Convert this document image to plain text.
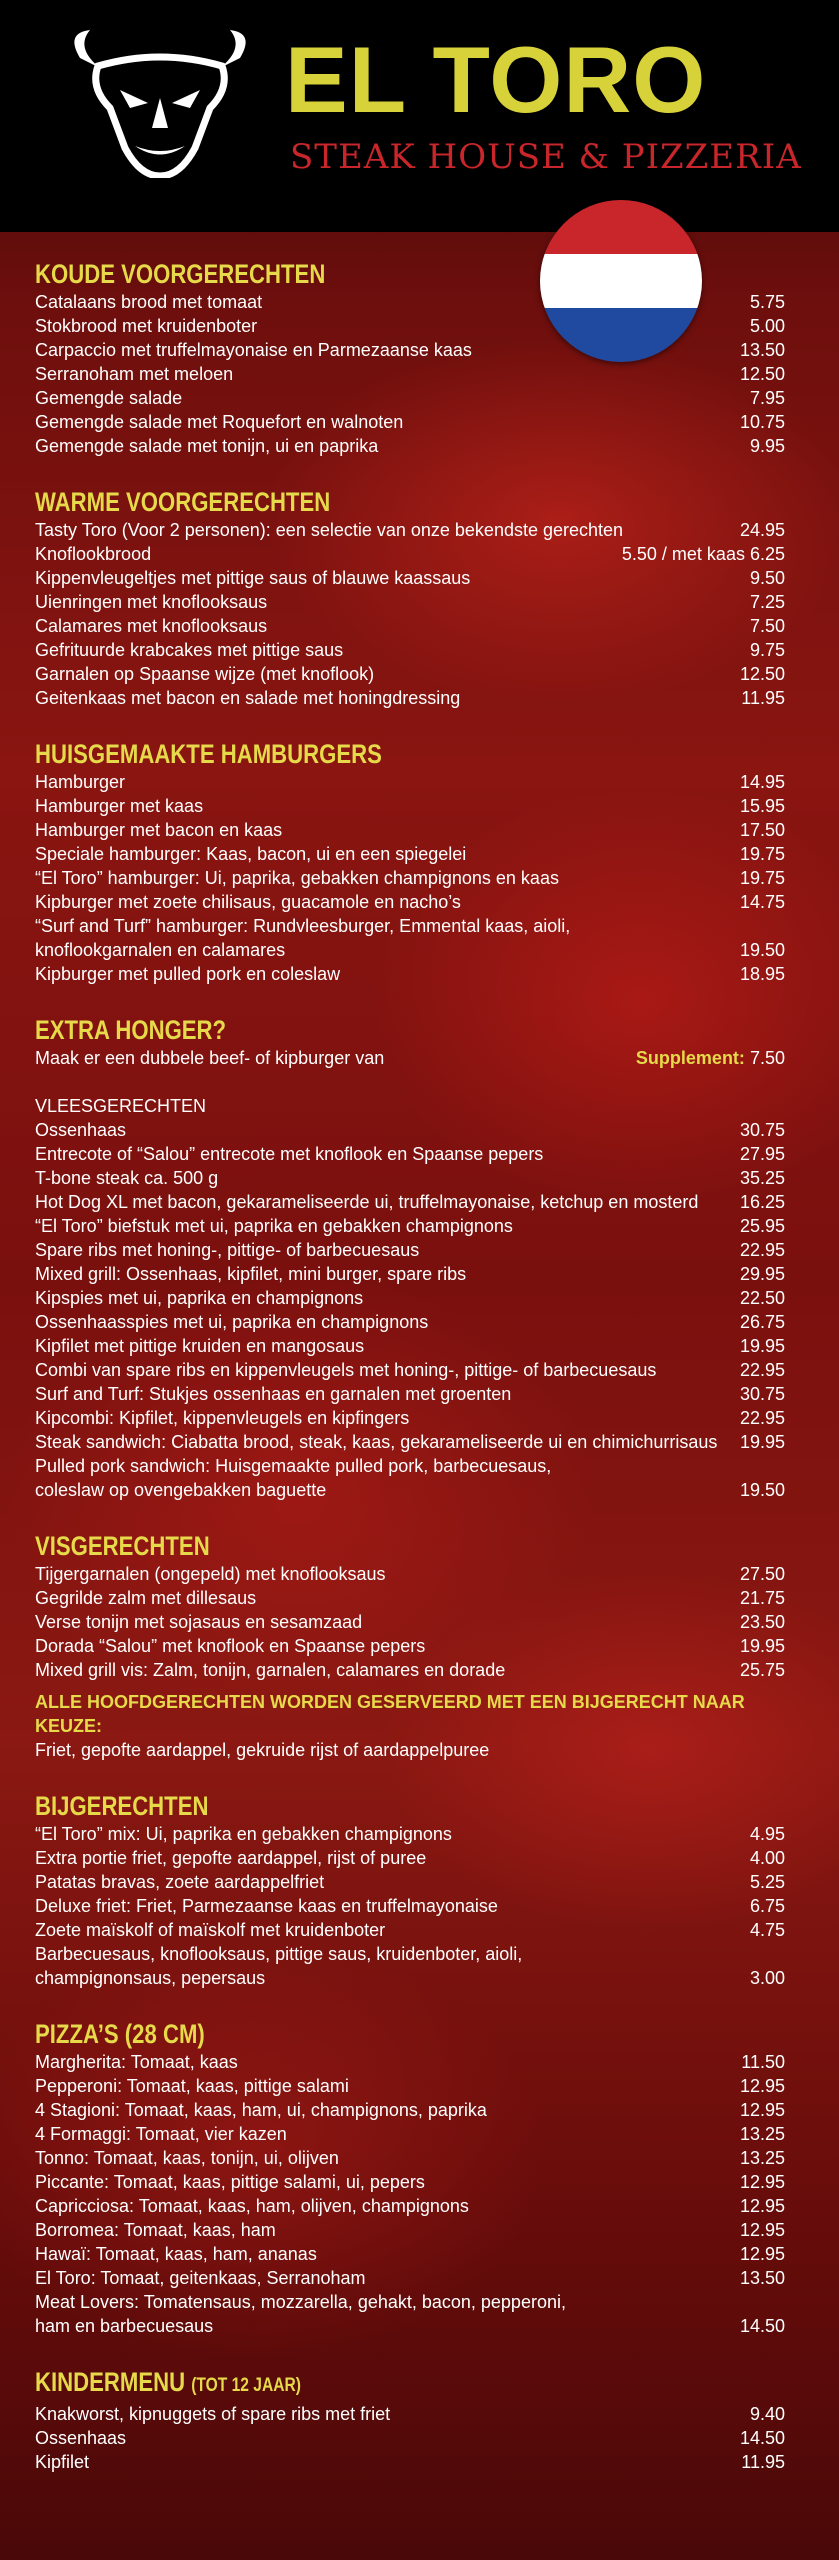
EL TORO
STEAK HOUSE & PIZZERIA
KOUDE VOORGERECHTEN
Catalaans brood met tomaat	5.75
Stokbrood met kruidenboter	5.00
Carpaccio met truffelmayonaise en Parmezaanse kaas	13.50
Serranoham met meloen	12.50
Gemengde salade	7.95
Gemengde salade met Roquefort en walnoten	10.75
Gemengde salade met tonijn, ui en paprika	9.95
WARME VOORGERECHTEN
Tasty Toro (Voor 2 personen): een selectie van onze bekendste gerechten	24.95
Knoflookbrood	5.50 / met kaas 6.25
Kippenvleugeltjes met pittige saus of blauwe kaassaus	9.50
Uienringen met knoflooksaus	7.25
Calamares met knoflooksaus	7.50
Gefrituurde krabcakes met pittige saus	9.75
Garnalen op Spaanse wijze (met knoflook)	12.50
Geitenkaas met bacon en salade met honingdressing	11.95
HUISGEMAAKTE HAMBURGERS
Hamburger	14.95
Hamburger met kaas	15.95
Hamburger met bacon en kaas	17.50
Speciale hamburger: Kaas, bacon, ui en een spiegelei	19.75
“El Toro” hamburger: Ui, paprika, gebakken champignons en kaas	19.75
Kipburger met zoete chilisaus, guacamole en nacho’s	14.75
“Surf and Turf” hamburger: Rundvleesburger, Emmental kaas, aioli,
knoflookgarnalen en calamares	19.50
Kipburger met pulled pork en coleslaw	18.95
EXTRA HONGER?
Maak er een dubbele beef- of kipburger van	Supplement: 7.50
VLEESGERECHTEN
Ossenhaas	30.75
Entrecote of “Salou” entrecote met knoflook en Spaanse pepers	27.95
T-bone steak ca. 500 g	35.25
Hot Dog XL met bacon, gekarameliseerde ui, truffelmayonaise, ketchup en mosterd	16.25
“El Toro” biefstuk met ui, paprika en gebakken champignons	25.95
Spare ribs met honing-, pittige- of barbecuesaus	22.95
Mixed grill: Ossenhaas, kipfilet, mini burger, spare ribs	29.95
Kipspies met ui, paprika en champignons	22.50
Ossenhaasspies met ui, paprika en champignons	26.75
Kipfilet met pittige kruiden en mangosaus	19.95
Combi van spare ribs en kippenvleugels met honing-, pittige- of barbecuesaus	22.95
Surf and Turf: Stukjes ossenhaas en garnalen met groenten	30.75
Kipcombi: Kipfilet, kippenvleugels en kipfingers	22.95
Steak sandwich: Ciabatta brood, steak, kaas, gekarameliseerde ui en chimichurrisaus	19.95
Pulled pork sandwich: Huisgemaakte pulled pork, barbecuesaus,
coleslaw op ovengebakken baguette	19.50
VISGERECHTEN
Tijgergarnalen (ongepeld) met knoflooksaus	27.50
Gegrilde zalm met dillesaus	21.75
Verse tonijn met sojasaus en sesamzaad	23.50
Dorada “Salou” met knoflook en Spaanse pepers	19.95
Mixed grill vis: Zalm, tonijn, garnalen, calamares en dorade	25.75
ALLE HOOFDGERECHTEN WORDEN GESERVEERD MET EEN BIJGERECHT NAAR KEUZE:
Friet, gepofte aardappel, gekruide rijst of aardappelpuree
BIJGERECHTEN
“El Toro” mix: Ui, paprika en gebakken champignons	4.95
Extra portie friet, gepofte aardappel, rijst of puree	4.00
Patatas bravas, zoete aardappelfriet	5.25
Deluxe friet: Friet, Parmezaanse kaas en truffelmayonaise	6.75
Zoete maïskolf of maïskolf met kruidenboter	4.75
Barbecuesaus, knoflooksaus, pittige saus, kruidenboter, aioli,
champignonsaus, pepersaus	3.00
PIZZA’S (28 CM)
Margherita: Tomaat, kaas	11.50
Pepperoni: Tomaat, kaas, pittige salami	12.95
4 Stagioni: Tomaat, kaas, ham, ui, champignons, paprika	12.95
4 Formaggi: Tomaat, vier kazen	13.25
Tonno: Tomaat, kaas, tonijn, ui, olijven	13.25
Piccante: Tomaat, kaas, pittige salami, ui, pepers	12.95
Capricciosa: Tomaat, kaas, ham, olijven, champignons	12.95
Borromea: Tomaat, kaas, ham	12.95
Hawaï: Tomaat, kaas, ham, ananas	12.95
El Toro: Tomaat, geitenkaas, Serranoham	13.50
Meat Lovers: Tomatensaus, mozzarella, gehakt, bacon, pepperoni,
ham en barbecuesaus	14.50
KINDERMENU (TOT 12 JAAR)
Knakworst, kipnuggets of spare ribs met friet	9.40
Ossenhaas	14.50
Kipfilet	11.95
